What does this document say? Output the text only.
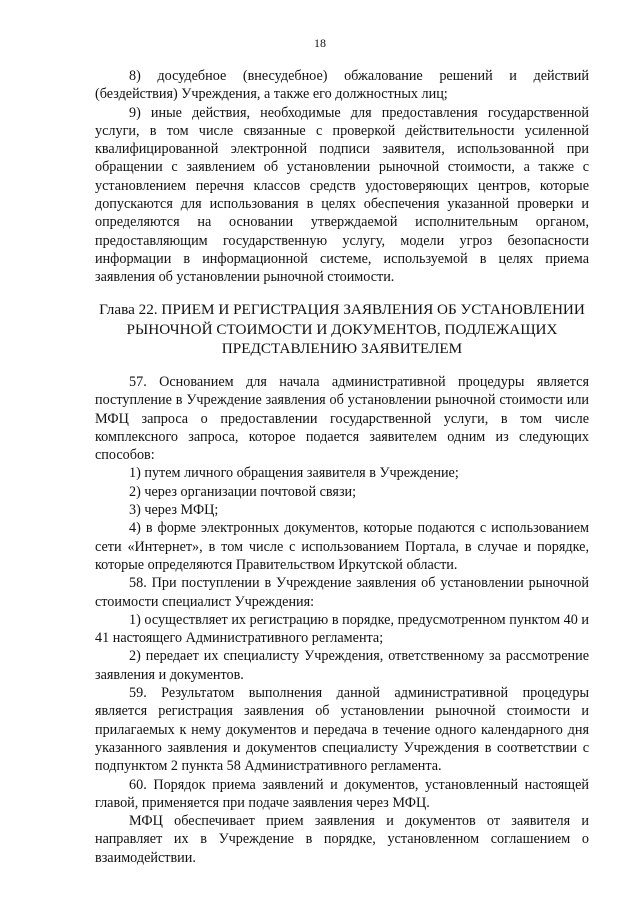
18

8) досудебное (внесудебное) обжалование решений и действий (бездействия) Учреждения, а также его должностных лиц;

9) иные действия, необходимые для предоставления государственной услуги, в том числе связанные с проверкой действительности усиленной квалифицированной электронной подписи заявителя, использованной при обращении с заявлением об установлении рыночной стоимости, а также с установлением перечня классов средств удостоверяющих центров, которые допускаются для использования в целях обеспечения указанной проверки и определяются на основании утверждаемой исполнительным органом, предоставляющим государственную услугу, модели угроз безопасности информации в информационной системе, используемой в целях приема заявления об установлении рыночной стоимости.

Глава 22. ПРИЕМ И РЕГИСТРАЦИЯ ЗАЯВЛЕНИЯ ОБ УСТАНОВЛЕНИИ РЫНОЧНОЙ СТОИМОСТИ И ДОКУМЕНТОВ, ПОДЛЕЖАЩИХ ПРЕДСТАВЛЕНИЮ ЗАЯВИТЕЛЕМ

57. Основанием для начала административной процедуры является поступление в Учреждение заявления об установлении рыночной стоимости или МФЦ запроса о предоставлении государственной услуги, в том числе комплексного запроса, которое подается заявителем одним из следующих способов:

1) путем личного обращения заявителя в Учреждение;

2) через организации почтовой связи;

3) через МФЦ;

4) в форме электронных документов, которые подаются с использованием сети «Интернет», в том числе с использованием Портала, в случае и порядке, которые определяются Правительством Иркутской области.

58. При поступлении в Учреждение заявления об установлении рыночной стоимости специалист Учреждения:

1) осуществляет их регистрацию в порядке, предусмотренном пунктом 40 и 41 настоящего Административного регламента;

2) передает их специалисту Учреждения, ответственному за рассмотрение заявления и документов.

59. Результатом выполнения данной административной процедуры является регистрация заявления об установлении рыночной стоимости и прилагаемых к нему документов и передача в течение одного календарного дня указанного заявления и документов специалисту Учреждения в соответствии с подпунктом 2 пункта 58 Административного регламента.

60. Порядок приема заявлений и документов, установленный настоящей главой, применяется при подаче заявления через МФЦ.

МФЦ обеспечивает прием заявления и документов от заявителя и направляет их в Учреждение в порядке, установленном соглашением о взаимодействии.
